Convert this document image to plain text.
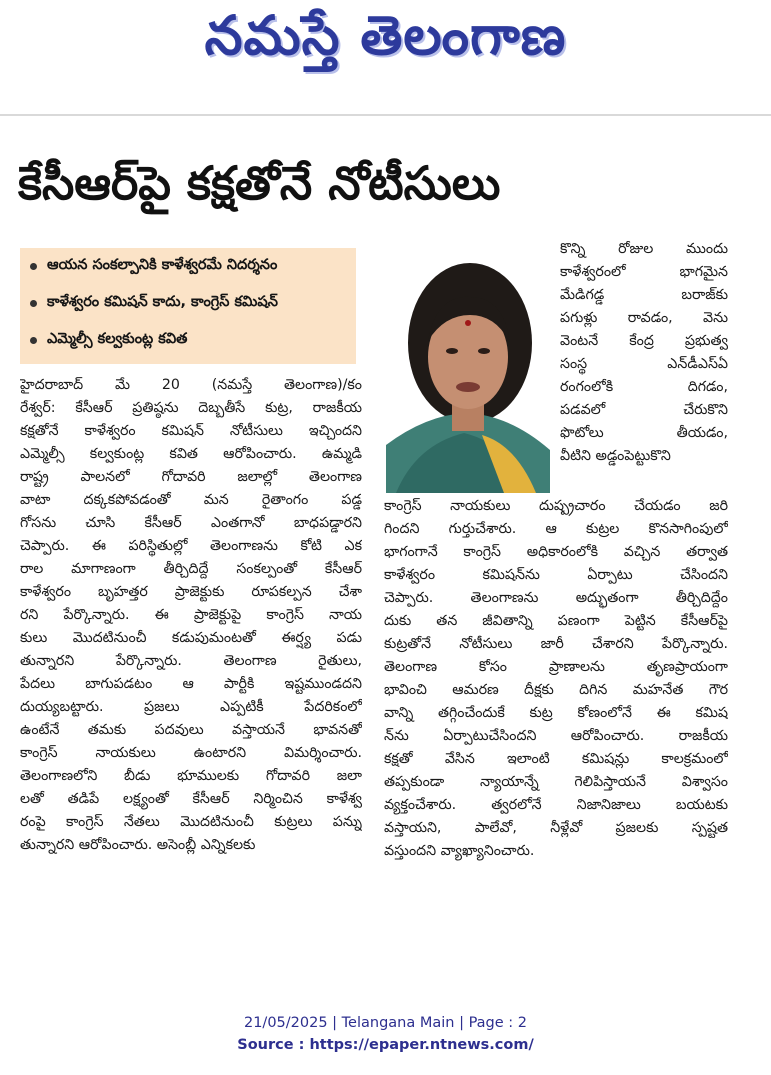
నమస్తే తెలంగాణ
కేసీఆర్‌పై కక్షతోనే నోటీసులు
ఆయన సంకల్పానికి కాళేశ్వరమే నిదర్శనం
కాళేశ్వరం కమిషన్ కాదు, కాంగ్రెస్ కమిషన్
ఎమ్మెల్సీ కల్వకుంట్ల కవిత
హైదరాబాద్ మే 20 (నమస్తే తెలంగాణ)/కం
రేశ్వర్: కేసీఆర్ ప్రతిష్ఠను దెబ్బతీసే కుట్ర, రాజకీయ
కక్షతోనే కాళేశ్వరం కమిషన్ నోటీసులు ఇచ్చిందని
ఎమ్మెల్సీ కల్వకుంట్ల కవిత ఆరోపించారు. ఉమ్మడి
రాష్ట్ర పాలనలో గోదావరి జలాల్లో తెలంగాణ
వాటా దక్కకపోవడంతో మన రైతాంగం పడ్డ
గోసను చూసి కేసీఆర్ ఎంతగానో బాధపడ్డారని
చెప్పారు. ఈ పరిస్థితుల్లో తెలంగాణను కోటి ఎక
రాల మాగాణంగా తీర్చిదిద్దే సంకల్పంతో కేసీఆర్
కాళేశ్వరం బృహత్తర ప్రాజెక్టుకు రూపకల్పన చేశా
రని పేర్కొన్నారు. ఈ ప్రాజెక్టుపై కాంగ్రెస్ నాయ
కులు మొదటినుంచీ కడుపుమంటతో ఈర్ష్య పడు
తున్నారని పేర్కొన్నారు. తెలంగాణ రైతులు,
పేదలు బాగుపడటం ఆ పార్టీకి ఇష్టముండదని
దుయ్యబట్టారు. ప్రజలు ఎప్పటికీ పేదరికంలో
ఉంటేనే తమకు పదవులు వస్తాయనే భావనతో
కాంగ్రెస్ నాయకులు ఉంటారని విమర్శించారు.
తెలంగాణలోని బీడు భూములకు గోదావరి జలా
లతో తడిపే లక్ష్యంతో కేసీఆర్ నిర్మించిన కాళేశ్వ
రంపై కాంగ్రెస్ నేతలు మొదటినుంచీ కుట్రలు పన్ను
తున్నారని ఆరోపించారు. అసెంబ్లీ ఎన్నికలకు
కొన్ని రోజుల ముందు
కాళేశ్వరంలో భాగమైన
మేడిగడ్డ బరాజ్‌కు
పగుళ్లు రావడం, వెను
వెంటనే కేంద్ర ప్రభుత్వ
సంస్థ ఎన్‌డీఎస్‌ఏ
రంగంలోకి దిగడం,
పడవలో చేరుకొని
ఫొటోలు తీయడం,
వీటిని అడ్డంపెట్టుకొని
కాంగ్రెస్ నాయకులు దుష్ప్రచారం చేయడం జరి
గిందని గుర్తుచేశారు. ఆ కుట్రల కొనసాగింపులో
భాగంగానే కాంగ్రెస్ అధికారంలోకి వచ్చిన తర్వాత
కాళేశ్వరం కమిషన్‌ను ఏర్పాటు చేసిందని
చెప్పారు. తెలంగాణను అద్భుతంగా తీర్చిదిద్దేం
దుకు తన జీవితాన్ని పణంగా పెట్టిన కేసీఆర్‌పై
కుట్రతోనే నోటీసులు జారీ చేశారని పేర్కొన్నారు.
తెలంగాణ కోసం ప్రాణాలను తృణప్రాయంగా
భావించి ఆమరణ దీక్షకు దిగిన మహనేత గౌర
వాన్ని తగ్గించేందుకే కుట్ర కోణంలోనే ఈ కమిష
న్‌ను ఏర్పాటుచేసిందని ఆరోపించారు. రాజకీయ
కక్షతో వేసిన ఇలాంటి కమిషన్లు కాలక్రమంలో
తప్పకుండా న్యాయాన్నే గెలిపిస్తాయనే విశ్వాసం
వ్యక్తంచేశారు. త్వరలోనే నిజానిజాలు బయటకు
వస్తాయని, పాలేవో, నీళ్లేవో ప్రజలకు స్పష్టత
వస్తుందని వ్యాఖ్యానించారు.
21/05/2025 | Telangana Main | Page : 2
Source : https://epaper.ntnews.com/
